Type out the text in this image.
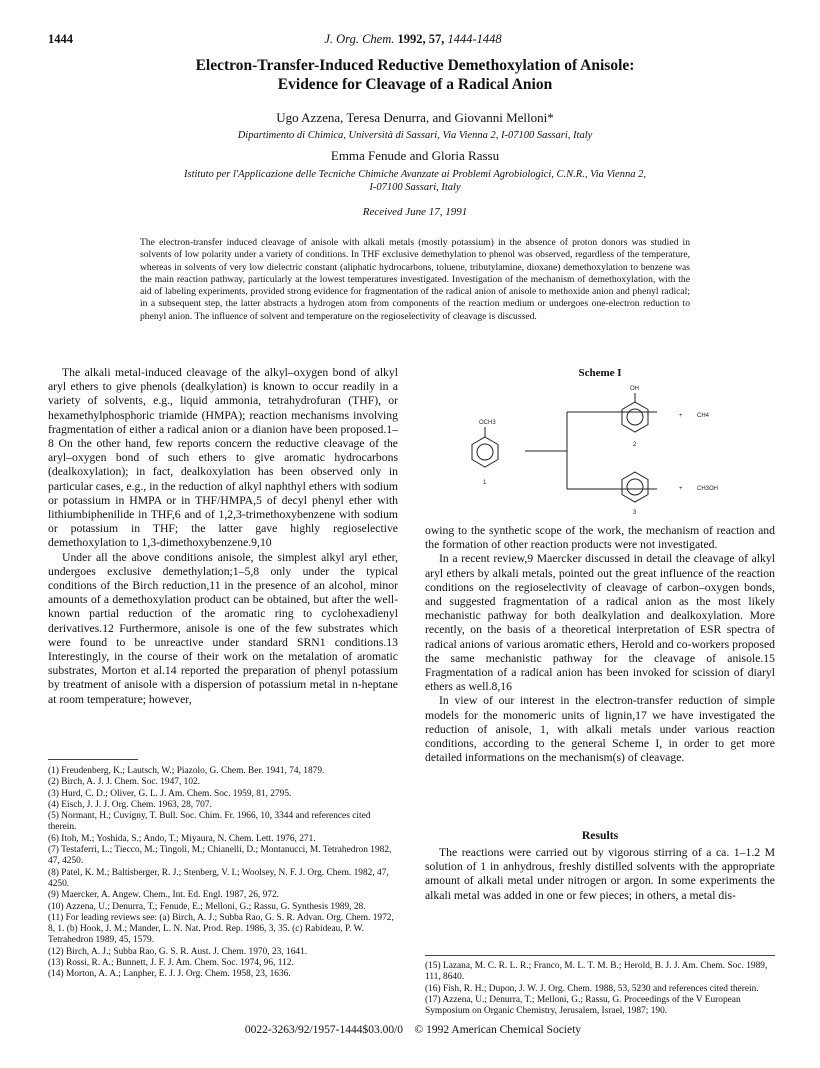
1444	J. Org. Chem. 1992, 57, 1444-1448
Electron-Transfer-Induced Reductive Demethoxylation of Anisole:
Evidence for Cleavage of a Radical Anion
Ugo Azzena, Teresa Denurra, and Giovanni Melloni*
Dipartimento di Chimica, Università di Sassari, Via Vienna 2, I-07100 Sassari, Italy
Emma Fenude and Gloria Rassu
Istituto per l'Applicazione delle Tecniche Chimiche Avanzate ai Problemi Agrobiologici, C.N.R., Via Vienna 2,
I-07100 Sassari, Italy
Received June 17, 1991
The electron-transfer induced cleavage of anisole with alkali metals (mostly potassium) in the absence of proton donors was studied in solvents of low polarity under a variety of conditions. In THF exclusive demethylation to phenol was observed, regardless of the temperature, whereas in solvents of very low dielectric constant (aliphatic hydrocarbons, toluene, tributylamine, dioxane) demethoxylation to benzene was the main reaction pathway, particularly at the lowest temperatures investigated. Investigation of the mechanism of demethoxylation, with the aid of labeling experiments, provided strong evidence for fragmentation of the radical anion of anisole to methoxide anion and phenyl radical; in a subsequent step, the latter abstracts a hydrogen atom from components of the reaction medium or undergoes one-electron reduction to phenyl anion. The influence of solvent and temperature on the regioselectivity of cleavage is discussed.

The alkali metal-induced cleavage of the alkyl–oxygen bond of alkyl aryl ethers to give phenols (dealkylation) is known to occur readily in a variety of solvents, e.g., liquid ammonia, tetrahydrofuran (THF), or hexamethylphosphoric triamide (HMPA); reaction mechanisms involving fragmentation of either a radical anion or a dianion have been proposed.1–8 On the other hand, few reports concern the reductive cleavage of the aryl–oxygen bond of such ethers to give aromatic hydrocarbons (dealkoxylation); in fact, dealkoxylation has been observed only in particular cases, e.g., in the reduction of alkyl naphthyl ethers with sodium or potassium in HMPA or in THF/HMPA,5 of decyl phenyl ether with lithiumbiphenilide in THF,6 and of 1,2,3-trimethoxybenzene with sodium or potassium in THF; the latter gave highly regioselective demethoxylation to 1,3-dimethoxybenzene.9,10

Under all the above conditions anisole, the simplest alkyl aryl ether, undergoes exclusive demethylation;1–5,8 only under the typical conditions of the Birch reduction,11 in the presence of an alcohol, minor amounts of a demethoxylation product can be obtained, but after the well-known partial reduction of the aromatic ring to cyclohexadienyl derivatives.12 Furthermore, anisole is one of the few substrates which were found to be unreactive under standard SRN1 conditions.13 Interestingly, in the course of their work on the metalation of aromatic substrates, Morton et al.14 reported the preparation of phenyl potassium by treatment of anisole with a dispersion of potassium metal in n-heptane at room temperature; however,

(1) Freudenberg, K.; Lautsch, W.; Piazolo, G. Chem. Ber. 1941, 74, 1879.
(2) Birch, A. J. J. Chem. Soc. 1947, 102.
(3) Hurd, C. D.; Oliver, G. L. J. Am. Chem. Soc. 1959, 81, 2795.
(4) Eisch, J. J. J. Org. Chem. 1963, 28, 707.
(5) Normant, H.; Cuvigny, T. Bull. Soc. Chim. Fr. 1966, 10, 3344 and references cited therein.
(6) Itoh, M.; Yoshida, S.; Ando, T.; Miyaura, N. Chem. Lett. 1976, 271.
(7) Testaferri, L.; Tiecco, M.; Tingoli, M.; Chianelli, D.; Montanucci, M. Tetrahedron 1982, 47, 4250.
(8) Patel, K. M.; Baltisberger, R. J.; Stenberg, V. I.; Woolsey, N. F. J. Org. Chem. 1982, 47, 4250.
(9) Maercker, A. Angew. Chem., Int. Ed. Engl. 1987, 26, 972.
(10) Azzena, U.; Denurra, T.; Fenude, E.; Melloni, G.; Rassu, G. Synthesis 1989, 28.
(11) For leading reviews see: (a) Birch, A. J.; Subba Rao, G. S. R. Advan. Org. Chem. 1972, 8, 1. (b) Hook, J. M.; Mander, L. N. Nat. Prod. Rep. 1986, 3, 35. (c) Rabideau, P. W. Tetrahedron 1989, 45, 1579.
(12) Birch, A. J.; Subba Rao, G. S. R. Aust. J. Chem. 1970, 23, 1641.
(13) Rossi, R. A.; Bunnett, J. F. J. Am. Chem. Soc. 1974, 96, 112.
(14) Morton, A. A.; Lanpher, E. J. J. Org. Chem. 1958, 23, 1636.
Scheme I
OCH3
1
OH
2
+ CH4
3
+ CH3OH

owing to the synthetic scope of the work, the mechanism of reaction and the formation of other reaction products were not investigated.

In a recent review,9 Maercker discussed in detail the cleavage of alkyl aryl ethers by alkali metals, pointed out the great influence of the reaction conditions on the regioselectivity of cleavage of carbon–oxygen bonds, and suggested fragmentation of a radical anion as the most likely mechanistic pathway for both dealkylation and dealkoxylation. More recently, on the basis of a theoretical interpretation of ESR spectra of radical anions of various aromatic ethers, Herold and co-workers proposed the same mechanistic pathway for the cleavage of anisole.15 Fragmentation of a radical anion has been invoked for scission of diaryl ethers as well.8,16

In view of our interest in the electron-transfer reduction of simple models for the monomeric units of lignin,17 we have investigated the reduction of anisole, 1, with alkali metals under various reaction conditions, according to the general Scheme I, in order to get more detailed informations on the mechanism(s) of cleavage.

Results

The reactions were carried out by vigorous stirring of a ca. 1–1.2 M solution of 1 in anhydrous, freshly distilled solvents with the appropriate amount of alkali metal under nitrogen or argon. In some experiments the alkali metal was added in one or few pieces; in others, a metal dis-

(15) Lazana, M. C. R. L. R.; Franco, M. L. T. M. B.; Herold, B. J. J. Am. Chem. Soc. 1989, 111, 8640.
(16) Fish, R. H.; Dupon, J. W. J. Org. Chem. 1988, 53, 5230 and references cited therein.
(17) Azzena, U.; Denurra, T.; Melloni, G.; Rassu, G. Proceedings of the V European Symposium on Organic Chemistry, Jerusalem, Israel, 1987; 190.
0022-3263/92/1957-1444$03.00/0 © 1992 American Chemical Society
